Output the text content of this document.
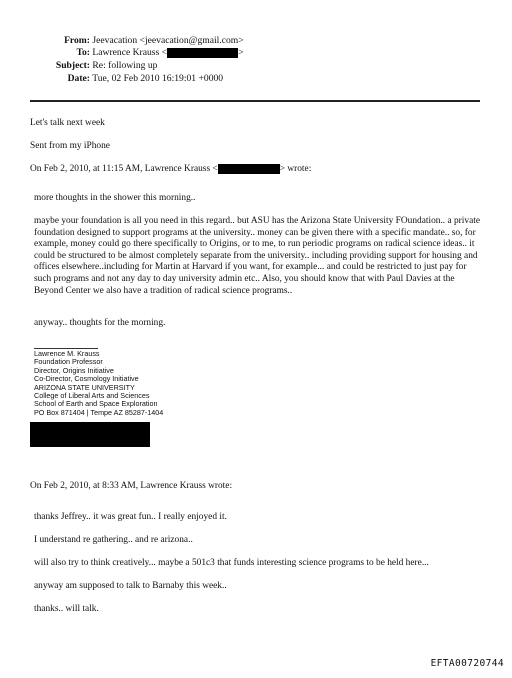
From: Jeevacation <jeevacation@gmail.com>
To: Lawrence Krauss <	>
Subject: Re: following up
Date: Tue, 02 Feb 2010 16:19:01 +0000
Let's talk next week
Sent from my iPhone
On Feb 2, 2010, at 11:15 AM, Lawrence Krauss <	> wrote:

more thoughts in the shower this morning..

maybe your foundation is all you need in this regard.. but ASU has the Arizona State University FOundation.. a private foundation designed to support programs at the university.. money can be given there with a specific mandate.. so, for example, money could go there specifically to Origins, or to me, to run periodic programs on radical science ideas.. it could be structured to be almost completely separate from the university.. including providing support for housing and offices elsewhere..including for Martin at Harvard if you want, for example... and could be restricted to just pay for such programs and not any day to day university admin etc.. Also, you should know that with Paul Davies at the Beyond Center we also have a tradition of radical science programs..

anyway.. thoughts for the morning.

Lawrence M. Krauss
Foundation Professor
Director, Origins Initiative
Co-Director, Cosmology Initiative
ARIZONA STATE UNIVERSITY
College of Liberal Arts and Sciences
School of Earth and Space Exploration
PO Box 871404 | Tempe AZ 85287-1404
On Feb 2, 2010, at 8:33 AM, Lawrence Krauss wrote:
thanks Jeffrey.. it was great fun.. I really enjoyed it.
I understand re gathering.. and re arizona..
will also try to think creatively... maybe a 501c3 that funds interesting science programs to be held here...
anyway am supposed to talk to Barnaby this week..
thanks.. will talk.
EFTA00720744
